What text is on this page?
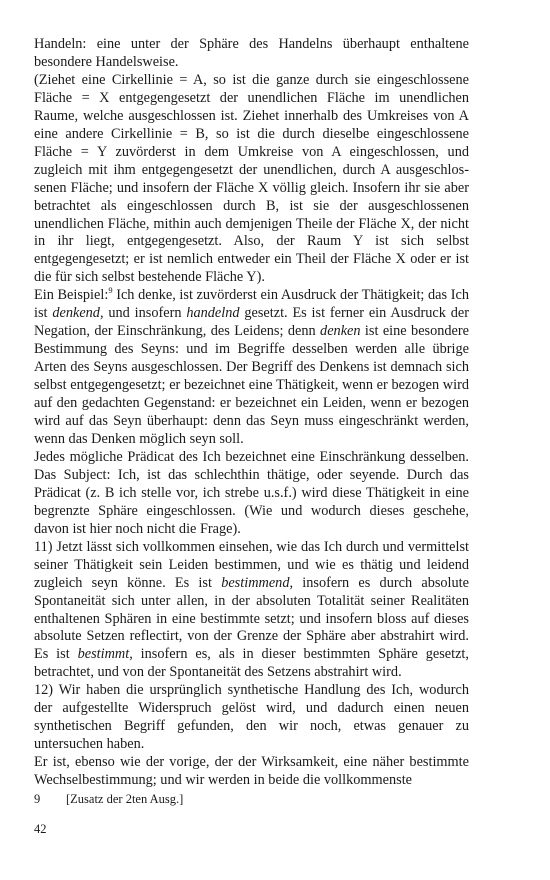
Handeln: eine unter der Sphäre des Handelns überhaupt enthaltene besondere Handelsweise.

(Ziehet eine Cirkellinie = A, so ist die ganze durch sie eingeschlossene Fläche = X entgegengesetzt der unendlichen Fläche im unendlichen Raume, welche ausgeschlossen ist. Ziehet innerhalb des Umkreises von A eine andere Cirkellinie = B, so ist die durch dieselbe eingeschlossene Fläche = Y zuvörderst in dem Umkreise von A eingeschlossen, und zugleich mit ihm entgegengesetzt der unendlichen, durch A ausgeschlossenen Fläche; und insofern der Fläche X völlig gleich. Insofern ihr sie aber betrachtet als eingeschlossen durch B, ist sie der ausgeschlossenen unendlichen Fläche, mithin auch demjenigen Theile der Fläche X, der nicht in ihr liegt, entgegengesetzt. Also, der Raum Y ist sich selbst entgegengesetzt; er ist nemlich entweder ein Theil der Fläche X oder er ist die für sich selbst bestehende Fläche Y).

Ein Beispiel:$^9$ Ich denke, ist zuvörderst ein Ausdruck der Thätigkeit; das Ich ist denkend, und insofern handelnd gesetzt. Es ist ferner ein Ausdruck der Negation, der Einschränkung, des Leidens; denn denken ist eine besondere Bestimmung des Seyns: und im Begriffe desselben werden alle übrige Arten des Seyns ausgeschlossen. Der Begriff des Denkens ist demnach sich selbst entgegengesetzt; er bezeichnet eine Thätigkeit, wenn er bezogen wird auf den gedachten Gegenstand: er bezeichnet ein Leiden, wenn er bezogen wird auf das Seyn überhaupt: denn das Seyn muss eingeschränkt werden, wenn das Denken möglich seyn soll.

Jedes mögliche Prädicat des Ich bezeichnet eine Einschränkung desselben. Das Subject: Ich, ist das schlechthin thätige, oder seyende. Durch das Prädicat (z. B ich stelle vor, ich strebe u.s.f.) wird diese Thätigkeit in eine begrenzte Sphäre eingeschlossen. (Wie und wodurch dieses geschehe, davon ist hier noch nicht die Frage).

11) Jetzt lässt sich vollkommen einsehen, wie das Ich durch und vermittelst seiner Thätigkeit sein Leiden bestimmen, und wie es thätig und leidend zugleich seyn könne. Es ist bestimmend, insofern es durch absolute Spontaneität sich unter allen, in der absoluten Totalität seiner Realitäten enthaltenen Sphären in eine bestimmte setzt; und insofern bloss auf dieses absolute Setzen reflectirt, von der Grenze der Sphäre aber abstrahirt wird. Es ist bestimmt, insofern es, als in dieser bestimmten Sphäre gesetzt, betrachtet, und von der Spontaneität des Setzens abstrahirt wird.

12) Wir haben die ursprünglich synthetische Handlung des Ich, wodurch der aufgestellte Widerspruch gelöst wird, und dadurch einen neuen synthetischen Begriff gefunden, den wir noch, etwas genauer zu untersuchen haben.

Er ist, ebenso wie der vorige, der der Wirksamkeit, eine näher bestimmte Wechselbestimmung; und wir werden in beide die vollkommenste

9 [Zusatz der 2ten Ausg.]
42
